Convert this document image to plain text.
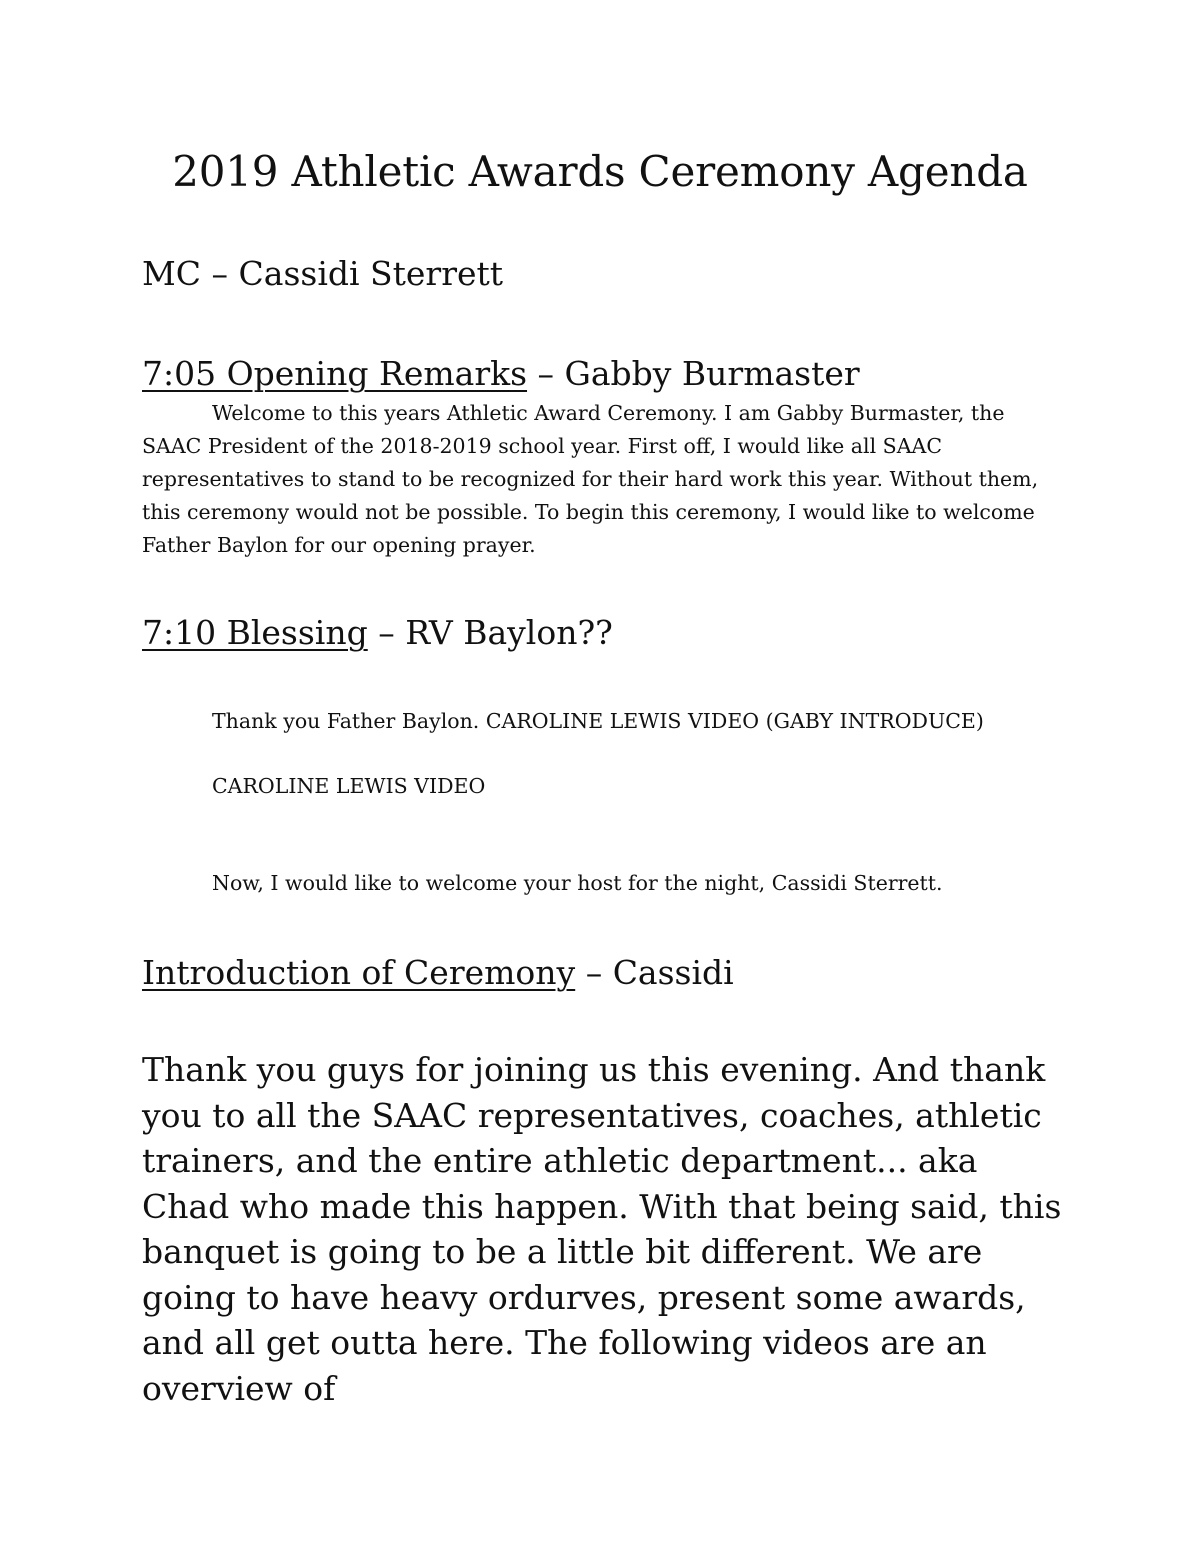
2019 Athletic Awards Ceremony Agenda
MC – Cassidi Sterrett
7:05 Opening Remarks – Gabby Burmaster
Welcome to this years Athletic Award Ceremony. I am Gabby Burmaster, the SAAC President of the 2018-2019 school year. First off, I would like all SAAC representatives to stand to be recognized for their hard work this year. Without them, this ceremony would not be possible. To begin this ceremony, I would like to welcome Father Baylon for our opening prayer.
7:10 Blessing – RV Baylon??
Thank you Father Baylon. CAROLINE LEWIS VIDEO (GABY INTRODUCE)
CAROLINE LEWIS VIDEO
Now, I would like to welcome your host for the night, Cassidi Sterrett.
Introduction of Ceremony – Cassidi
Thank you guys for joining us this evening. And thank you to all the SAAC representatives, coaches, athletic trainers, and the entire athletic department... aka Chad who made this happen. With that being said, this banquet is going to be a little bit different. We are going to have heavy ordurves, present some awards, and all get outta here. The following videos are an overview of
